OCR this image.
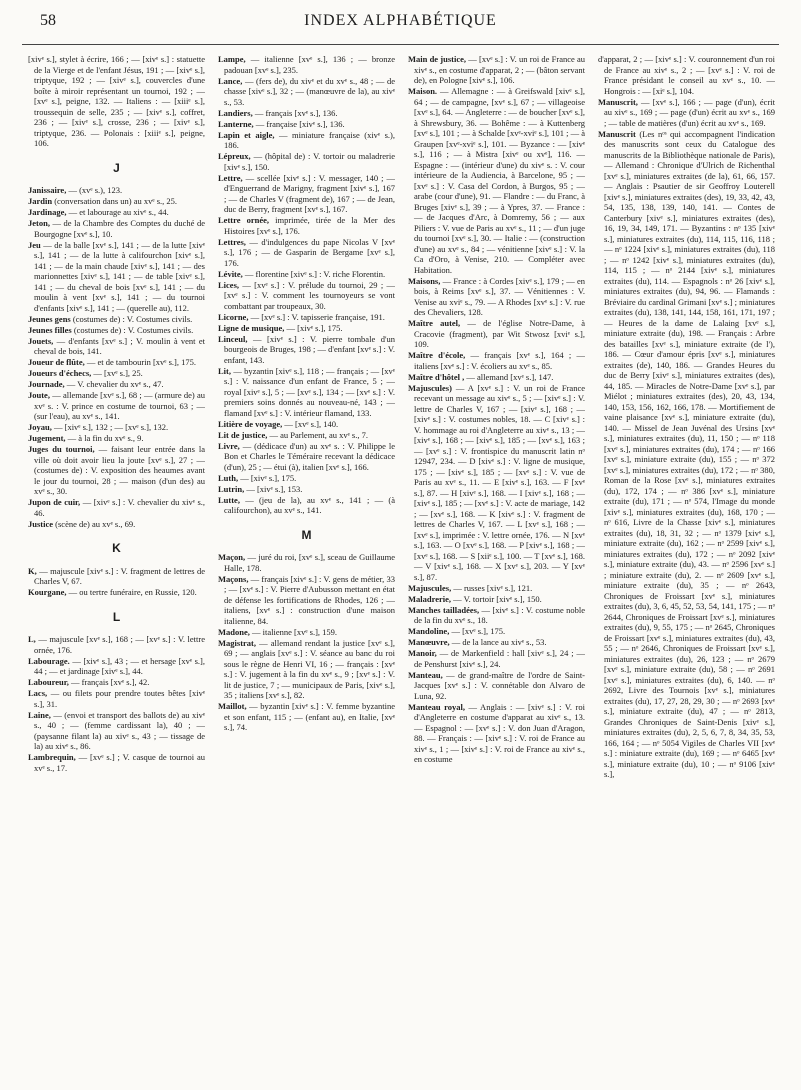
58	INDEX ALPHABÉTIQUE
[xivᵉ s.], stylet à écrire, 166 ; — [xivᵉ s.] : statuette de la Vierge et de l'enfant Jésus, 191 ; — [xivᵉ s.], triptyque, 192 ; — [xivᵉ s.], couvercles d'une boîte à miroir représentant un tournoi, 192 ; — [xvᵉ s.], peigne, 132. — Italiens : — [xiiiᵉ s.], troussequin de selle, 235 ; — [xivᵉ s.], coffret, 236 ; — [xivᵉ s.], crosse, 236 ; — [xivᵉ s.], triptyque, 236. — Polonais : [xiiiᵉ s.], peigne, 106.
J
Janissaire, — (xvᵉ s.), 123.
Jardin (conversation dans un) au xvᵉ s., 25.
Jardinage, — et labourage au xivᵉ s., 44.
Jeton, — de la Chambre des Comptes du duché de Bourgogne [xvᵉ s.], 10.
Jeu — de la balle [xvᵉ s.], 141 ; — de la lutte [xivᵉ s.], 141 ; — de la lutte à califourchon [xivᵉ s.], 141 ; — de la main chaude [xivᵉ s.], 141 ; — des marionnettes [xivᵉ s.], 141 ; — de table [xivᵉ s.], 141 ; — du cheval de bois [xvᵉ s.], 141 ; — du moulin à vent [xvᵉ s.], 141 ; — du tournoi d'enfants [xivᵉ s.], 141 ; — (querelle au), 112.
Jeunes gens (costumes de) : V. Costumes civils.
Jeunes filles (costumes de) : V. Costumes civils.
Jouets, — d'enfants [xvᵉ s.] ; V. moulin à vent et cheval de bois, 141.
Joueur de flûte, — et de tambourin [xvᵉ s.], 175.
Joueurs d'échecs, — [xvᵉ s.], 25.
Journade, — V. chevalier du xvᵉ s., 47.
Joute, — allemande [xvᵉ s.], 68 ; — (armure de) au xvᵉ s. : V. prince en costume de tournoi, 63 ; — (sur l'eau), au xvᵉ s., 141.
Joyau, — [xivᵉ s.], 132 ; — [xvᵉ s.], 132.
Jugement, — à la fin du xvᵉ s., 9.
Juges du tournoi, — faisant leur entrée dans la ville où doit avoir lieu la joute [xvᵉ s.], 27 ; — (costumes de) : V. exposition des heaumes avant le jour du tournoi, 28 ; — maison (d'un des) au xvᵉ s., 30.
Jupon de cuir, — [xivᵉ s.] : V. chevalier du xivᵉ s., 46.
Justice (scène de) au xvᵉ s., 69.
K
K, — majuscule [xivᵉ s.] : V. fragment de lettres de Charles V, 67.
Kourgane, — ou tertre funéraire, en Russie, 120.
L
L, — majuscule [xvᵉ s.], 168 ; — [xvᵉ s.] : V. lettre ornée, 176.
Labourage. — [xivᵉ s.], 43 ; — et hersage [xvᵉ s.], 44 ; — et jardinage [xivᵉ s.], 44.
Laboureur, — français [xvᵉ s.], 42.
Lacs, — ou filets pour prendre toutes bêtes [xivᵉ s.], 31.
Laine, — (envoi et transport des ballots de) au xivᵉ s., 40 ; — (femme cardissant la), 40 ; — (paysanne filant la) au xivᵉ s., 43 ; — tissage de la) au xivᵉ s., 86.
Lambrequin, — [xvᵉ s.] ; V. casque de tournoi au xvᵉ s., 17.
Lampe, — italienne [xvᵉ s.], 136 ; — bronze padouan [xvᵉ s.], 235.
Lance, — (fers de), du xivᵉ et du xvᵉ s., 48 ; — de chasse [xivᵉ s.], 32 ; — (manœuvre de la), au xivᵉ s., 53.
Landiers, — français [xvᵉ s.], 136.
Lanterne, — française [xivᵉ s.], 136.
Lapin et aigle, — miniature française (xivᵉ s.), 186.
Lépreux, — (hôpital de) : V. tortoir ou maladrerie [xivᵉ s.], 150.
Lettre, — scellée [xivᵉ s.] : V. messager, 140 ; — d'Enguerrand de Marigny, fragment [xivᵉ s.], 167 ; — de Charles V (fragment de), 167 ; — de Jean, duc de Berry, fragment [xvᵉ s.], 167.
Lettre ornée, imprimée, tirée de la Mer des Histoires [xvᵉ s.], 176.
Lettres, — d'indulgences du pape Nicolas V [xvᵉ s.], 176 ; — de Gasparin de Bergame [xvᵉ s.], 176.
Lévite, — florentine [xivᵉ s.] : V. riche Florentin.
Lices, — [xvᵉ s.] : V. prélude du tournoi, 29 ; — [xvᵉ s.] : V. comment les tournoyeurs se vont combattant par troupeaux, 30.
Licorne, — [xvᵉ s.] : V. tapisserie française, 191.
Ligne de musique, — [xivᵉ s.], 175.
Linceul, — [xivᵉ s.] : V. pierre tombale d'un bourgeois de Bruges, 198 ; — d'enfant [xvᵉ s.] : V. enfant, 143.
Lit, — byzantin [xivᵉ s.], 118 ; — français ; — [xvᵉ s.] : V. naissance d'un enfant de France, 5 ; — royal [xivᵉ s.], 5 ; — [xvᵉ s.], 134 ; — [xvᵉ s.] : V. premiers soins donnés au nouveau-né, 143 ; — flamand [xvᵉ s.] : V. intérieur flamand, 133.
Litière de voyage, — [xvᵉ s.], 140.
Lit de justice, — au Parlement, au xvᵉ s., 7.
Livre, — (dédicace d'un) au xvᵉ s. : V. Philippe le Bon et Charles le Téméraire recevant la dédicace (d'un), 25 ; — étui (à), italien [xvᵉ s.], 166.
Luth, — [xivᵉ s.], 175.
Lutrin, — [xivᵉ s.], 153.
Lutte, — (jeu de la), au xvᵉ s., 141 ; — (à califourchon), au xvᵉ s., 141.
M
Maçon, — juré du roi, [xvᵉ s.], sceau de Guillaume Halle, 178.
Maçons, — français [xivᵉ s.] : V. gens de métier, 33 ; — [xvᵉ s.] : V. Pierre d'Aubusson mettant en état de défense les fortifications de Rhodes, 126 ; — italiens, [xvᵉ s.] : construction d'une maison italienne, 84.
Madone, — italienne [xvᵉ s.], 159.
Magistrat, — allemand rendant la justice [xvᵉ s.], 69 ; — anglais [xvᵉ s.] : V. séance au banc du roi sous le règne de Henri VI, 16 ; — français : [xvᵉ s.] : V. jugement à la fin du xvᵉ s., 9 ; [xvᵉ s.] : V. lit de justice, 7 ; — municipaux de Paris, [xivᵉ s.], 35 ; italiens [xvᵉ s.], 82.
Maillot, — byzantin [xivᵉ s.] : V. femme byzantine et son enfant, 115 ; — (enfant au), en Italie, [xvᵉ s.], 74.
Main de justice, — [xvᵉ s.] : V. un roi de France au xivᵉ s., en costume d'apparat, 2 ; — (bâton servant de), en Pologne [xivᵉ s.], 106.
Maison. — Allemagne : — à Greifswald [xivᵉ s.], 64 ; — de campagne, [xvᵉ s.], 67 ; — villageoise [xvᵉ s.], 64. — Angleterre : — de boucher [xvᵉ s.], à Shrewsbury, 36. — Bohême : — à Kuttenberg [xvᵉ s.], 101 ; — à Schalde [xvᵉ-xviᵉ s.], 101 ; — à Graupen [xvᵉ-xviᵉ s.], 101. — Byzance : — [xivᵉ s.], 116 ; — à Mistra [xivᵉ ou xvᵉ], 116. — Espagne : — (intérieur d'une) du xivᵉ s. : V. cour intérieure de la Audiencia, à Barcelone, 95 ; — [xvᵉ s.] : V. Casa del Cordon, à Burgos, 95 ; — arabe (cour d'une), 91. — Flandre : — du Franc, à Bruges [xivᵉ s.], 39 ; — à Ypres, 37. — France : — de Jacques d'Arc, à Domremy, 56 ; — aux Piliers : V. vue de Paris au xvᵉ s., 11 ; — d'un juge du tournoi [xvᵉ s.], 30. — Italie : — (construction d'une) au xvᵉ s., 84 ; — vénitienne [xivᵉ s.] : V. la Ca d'Oro, à Venise, 210. — Compléter avec Habitation.
Maisons, — France : à Cordes [xivᵉ s.], 179 ; — en bois, à Reims [xvᵉ s.], 37. — Vénitiennes : V. Venise au xviᵉ s., 79. — A Rhodes [xvᵉ s.] : V. rue des Chevaliers, 128.
Maître autel, — de l'église Notre-Dame, à Cracovie (fragment), par Wit Stwosz [xviᵉ s.], 109.
Maître d'école, — français [xvᵉ s.], 164 ; — italiens [xvᵉ s.] : V. écoliers au xvᵉ s., 85.
Maître d'hôtel , — allemand [xvᵉ s.], 147.
Majuscules) — A [xvᵉ s.] : V. un roi de France recevant un message au xivᵉ s., 5 ; — [xivᵉ s.] : V. lettre de Charles V, 167 ; — [xivᵉ s.], 168 ; — [xivᵉ s.] : V. costumes nobles, 18. — C [xivᵉ s.] : V. hommage au roi d'Angleterre au xivᵉ s., 13 ; — [xivᵉ s.], 168 ; — [xivᵉ s.], 185 ; — [xvᵉ s.], 163 ; — [xvᵉ s.] : V. frontispice du manuscrit latin nᵒ 12947, 234. — D [xivᵉ s.] : V. ligne de musique, 175 ; — [xivᵉ s.], 185 ; — [xvᵉ s.] : V. vue de Paris au xvᵉ s., 11. — E [xivᵉ s.], 163. — F [xvᵉ s.], 87. — H [xivᵉ s.], 168. — I [xivᵉ s.], 168 ; — [xivᵉ s.], 185 ; — [xvᵉ s.] : V. acte de mariage, 142 ; — [xvᵉ s.], 168. — K [xivᵉ s.] : V. fragment de lettres de Charles V, 167. — L [xvᵉ s.], 168 ; — [xvᵉ s.], imprimée : V. lettre ornée, 176. — N [xvᵉ s.], 163. — O [xvᵉ s.], 168. — P [xivᵉ s.], 168 ; — [xvᵉ s.], 168. — S [xiiᵉ s.], 100. — T [xvᵉ s.], 168. — V [xivᵉ s.], 168. — X [xvᵉ s.], 203. — Y [xvᵉ s.], 87.
Majuscules, — russes [xivᵉ s.], 121.
Maladrerie, — V. tortoir [xivᵉ s.], 150.
Manches tailladées, — [xivᵉ s.] : V. costume noble de la fin du xvᵉ s., 18.
Mandoline, — [xvᵉ s.], 175.
Manœuvre, — de la lance au xivᵉ s., 53.
Manoir, — de Markenfield : hall [xivᵉ s.], 24 ; — de Penshurst [xivᵉ s.], 24.
Manteau, — de grand-maître de l'ordre de Saint-Jacques [xvᵉ s.] : V. connétable don Alvaro de Luna, 92.
Manteau royal, — Anglais : — [xivᵉ s.] : V. roi d'Angleterre en costume d'apparat au xivᵉ s., 13. — Espagnol : — [xvᵉ s.] : V. don Juan d'Aragon, 88. — Français : — [xivᵉ s.] : V. roi de France au xivᵉ s., 1 ; — [xivᵉ s.] : V. roi de France au xivᵉ s., en costume
d'apparat, 2 ; — [xivᵉ s.] : V. couronnement d'un roi de France au xivᵉ s., 2 ; — [xvᵉ s.] : V. roi de France présidant le conseil au xvᵉ s., 10. — Hongrois : — [xiᵉ s.], 104.
Manuscrit, — [xvᵉ s.], 166 ; — page (d'un), écrit au xivᵉ s., 169 ; — page (d'un) écrit au xvᵉ s., 169 ; — table de matières (d'un) écrit au xvᵉ s., 169.
Manuscrit (Les nᵒˢ qui accompagnent l'indication des manuscrits sont ceux du Catalogue des manuscrits de la Bibliothèque nationale de Paris), — Allemand : Chronique d'Ulrich de Richenthal [xvᵉ s.], miniatures extraites (de la), 61, 66, 157. — Anglais : Psautier de sir Geoffroy Louterell [xivᵉ s.], miniatures extraites (des), 19, 33, 42, 43, 54, 135, 138, 139, 140, 141. — Contes de Canterbury [xivᵉ s.], miniatures extraites (des), 16, 19, 34, 149, 171. — Byzantins : nᵒ 135 [xivᵉ s.], miniatures extraites (du), 114, 115, 116, 118 ; — nᵒ 1224 [xivᵉ s.], miniatures extraites (du), 118 ; — nᵒ 1242 [xivᵉ s.], miniatures extraites (du), 114, 115 ; — nᵒ 2144 [xivᵉ s.], miniatures extraites (du), 114. — Espagnols : nᵒ 26 [xivᵉ s.], miniatures extraites (du), 94, 96. — Flamands : Bréviaire du cardinal Grimani [xvᵉ s.] ; miniatures extraites (du), 138, 141, 144, 158, 161, 171, 197 ; — Heures de la dame de Lalaing [xvᵉ s.], miniature extraite (du), 198. — Français : Arbre des batailles [xvᵉ s.], miniature extraite (de l'), 186. — Cœur d'amour épris [xvᵉ s.], miniatures extraites (de), 140, 186. — Grandes Heures du duc de Berry [xivᵉ s.], miniatures extraites (des), 44, 185. — Miracles de Notre-Dame [xvᵉ s.], par Miélot ; miniatures extraites (des), 20, 43, 134, 140, 153, 156, 162, 166, 178. — Mortifiement de vaine plaisance [xvᵉ s.], miniature extraite (du), 140. — Missel de Jean Juvénal des Ursins [xvᵉ s.], miniatures extraites (du), 11, 150 ; — nᵒ 118 [xvᵉ s.], miniatures extraites (du), 174 ; — nᵒ 166 [xvᵉ s.], miniature extraite (du), 155 ; — nᵒ 372 [xvᵉ s.], miniatures extraites (du), 172 ; — nᵒ 380, Roman de la Rose [xvᵉ s.], miniatures extraites (du), 172, 174 ; — nᵒ 386 [xvᵉ s.], miniature extraite (du), 171 ; — nᵒ 574, l'Image du monde [xivᵉ s.], miniatures extraites (du), 168, 170 ; — nᵒ 616, Livre de la Chasse [xivᵉ s.], miniatures extraites (du), 18, 31, 32 ; — nᵒ 1379 [xivᵉ s.], miniature extraite (du), 162 ; — nᵒ 2599 [xivᵉ s.], miniatures extraites (du), 172 ; — nᵒ 2092 [xivᵉ s.], miniature extraite (du), 43. — nᵒ 2596 [xvᵉ s.] ; miniature extraite (du), 2. — nᵒ 2609 [xvᵉ s.], miniature extraite (du), 35 ; — nᵒ 2643, Chroniques de Froissart [xvᵉ s.], miniatures extraites (du), 3, 6, 45, 52, 53, 54, 141, 175 ; — nᵒ 2644, Chroniques de Froissart [xvᵉ s.], miniatures extraites (du), 9, 55, 175 ; — nᵒ 2645, Chroniques de Froissart [xvᵉ s.], miniatures extraites (du), 43, 55 ; — nᵒ 2646, Chroniques de Froissart [xvᵉ s.], miniatures extraites (du), 26, 123 ; — nᵒ 2679 [xvᵉ s.], miniature extraite (du), 58 ; — nᵒ 2691 [xvᵉ s.], miniatures extraites (du), 6, 140. — nᵒ 2692, Livre des Tournois [xvᵉ s.], miniatures extraites (du), 17, 27, 28, 29, 30 ; — nᵒ 2693 [xvᵉ s.], miniature extraite (du), 47 ; — nᵒ 2813, Grandes Chroniques de Saint-Denis [xivᵉ s.], miniatures extraites (du), 2, 5, 6, 7, 8, 34, 35, 53, 166, 164 ; — nᵒ 5054 Vigiles de Charles VII [xvᵉ s.] : miniature extraite (du), 169 ; — nᵒ 6465 [xvᵉ s.], miniature extraite (du), 10 ; — nᵒ 9106 [xivᵉ s.],
